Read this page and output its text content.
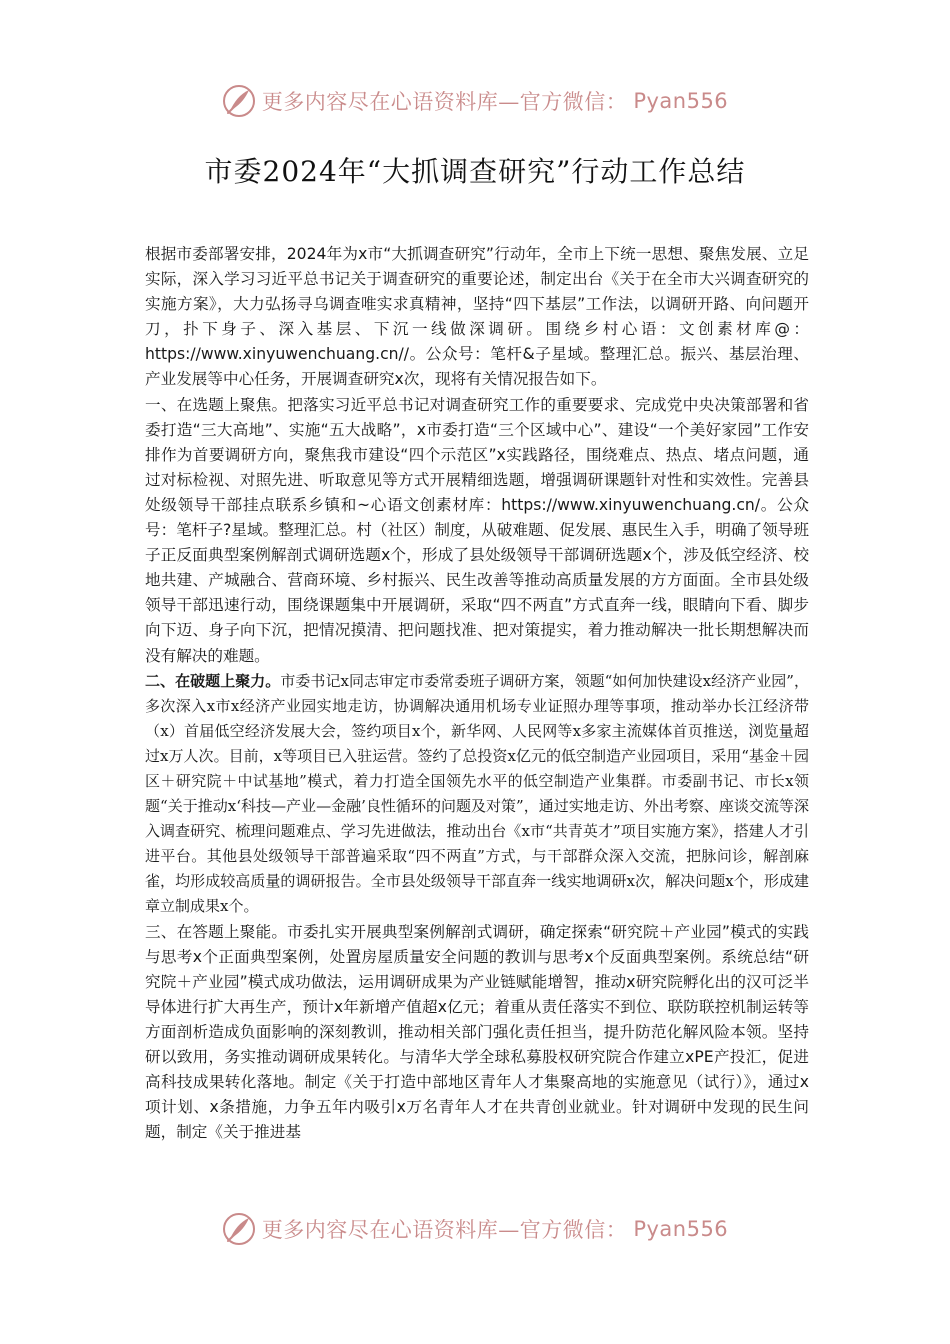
更多内容尽在心语资料库—官方微信： Pyan556
市委2024年“大抓调查研究”行动工作总结

根据市委部署安排，2024年为x市“大抓调查研究”行动年，全市上下统一思想、聚焦发展、立足实际，深入学习习近平总书记关于调查研究的重要论述，制定出台《关于在全市大兴调查研究的实施方案》，大力弘扬寻乌调查唯实求真精神，坚持“四下基层”工作法，以调研开路、向问题开刀，扑下身子、深入基层、下沉一线做深调研。围绕乡村心语：文创素材库@：https://www.xinyuwenchuang.cn//。公众号：笔杆&子星域。整理汇总。振兴、基层治理、产业发展等中心任务，开展调查研究x次，现将有关情况报告如下。

一、在选题上聚焦。把落实习近平总书记对调查研究工作的重要要求、完成党中央决策部署和省委打造“三大高地”、实施“五大战略”，x市委打造“三个区域中心”、建设“一个美好家园”工作安排作为首要调研方向，聚焦我市建设“四个示范区”x实践路径，围绕难点、热点、堵点问题，通过对标检视、对照先进、听取意见等方式开展精细选题，增强调研课题针对性和实效性。完善县处级领导干部挂点联系乡镇和~心语文创素材库：https://www.xinyuwenchuang.cn/。公众号：笔杆子?星域。整理汇总。村（社区）制度，从破难题、促发展、惠民生入手，明确了领导班子正反面典型案例解剖式调研选题x个，形成了县处级领导干部调研选题x个，涉及低空经济、校地共建、产城融合、营商环境、乡村振兴、民生改善等推动高质量发展的方方面面。全市县处级领导干部迅速行动，围绕课题集中开展调研，采取“四不两直”方式直奔一线，眼睛向下看、脚步向下迈、身子向下沉，把情况摸清、把问题找准、把对策提实，着力推动解决一批长期想解决而没有解决的难题。

二、在破题上聚力。市委书记x同志审定市委常委班子调研方案，领题“如何加快建设x经济产业园”，多次深入x市x经济产业园实地走访，协调解决通用机场专业证照办理等事项，推动举办长江经济带（x）首届低空经济发展大会，签约项目x个，新华网、人民网等x多家主流媒体首页推送，浏览量超过x万人次。目前，x等项目已入驻运营。签约了总投资x亿元的低空制造产业园项目，采用“基金＋园区＋研究院＋中试基地”模式，着力打造全国领先水平的低空制造产业集群。市委副书记、市长x领题“关于推动x‘科技—产业—金融’良性循环的问题及对策”，通过实地走访、外出考察、座谈交流等深入调查研究、梳理问题难点、学习先进做法，推动出台《x市“共青英才”项目实施方案》，搭建人才引进平台。其他县处级领导干部普遍采取“四不两直”方式，与干部群众深入交流，把脉问诊，解剖麻雀，均形成较高质量的调研报告。全市县处级领导干部直奔一线实地调研x次，解决问题x个，形成建章立制成果x个。

三、在答题上聚能。市委扎实开展典型案例解剖式调研，确定探索“研究院＋产业园”模式的实践与思考x个正面典型案例，处置房屋质量安全问题的教训与思考x个反面典型案例。系统总结“研究院＋产业园”模式成功做法，运用调研成果为产业链赋能增智，推动x研究院孵化出的汉可泛半导体进行扩大再生产，预计x年新增产值超x亿元；着重从责任落实不到位、联防联控机制运转等方面剖析造成负面影响的深刻教训，推动相关部门强化责任担当，提升防范化解风险本领。坚持研以致用，务实推动调研成果转化。与清华大学全球私募股权研究院合作建立xPE产投汇，促进高科技成果转化落地。制定《关于打造中部地区青年人才集聚高地的实施意见（试行）》，通过x项计划、x条措施，力争五年内吸引x万名青年人才在共青创业就业。针对调研中发现的民生问题，制定《关于推进基

更多内容尽在心语资料库—官方微信： Pyan556
